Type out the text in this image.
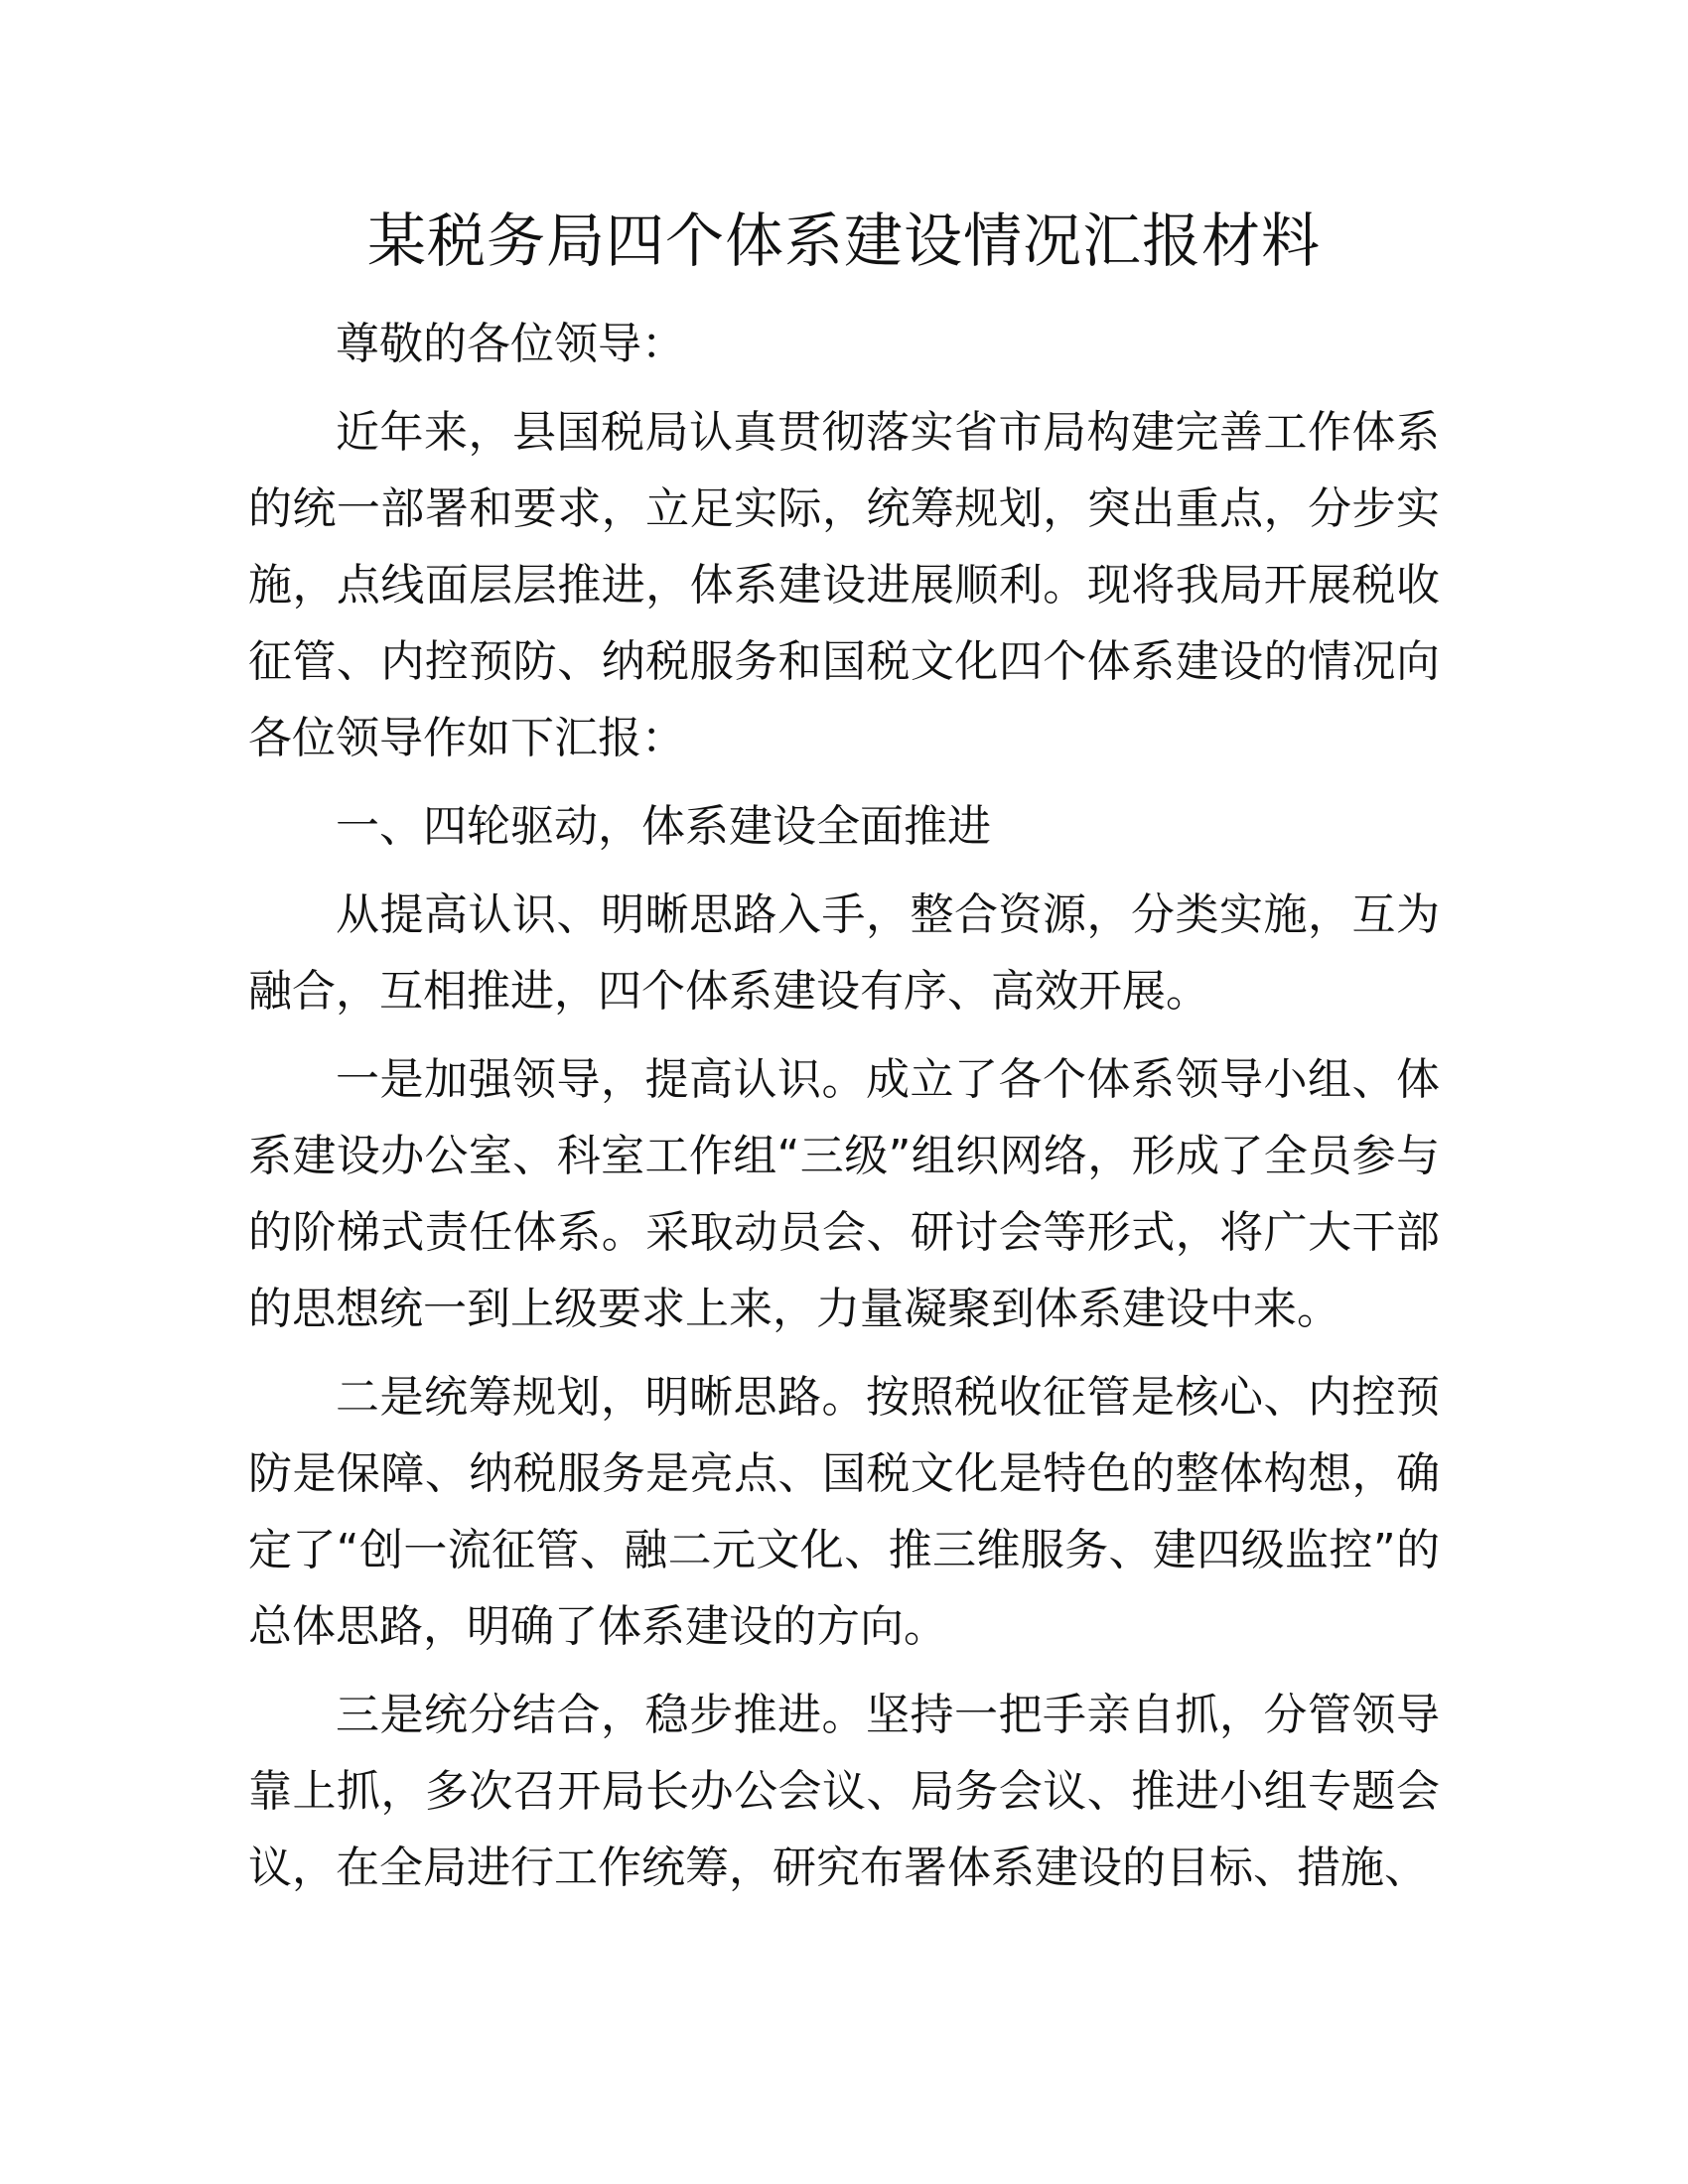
某税务局四个体系建设情况汇报材料

尊敬的各位领导：

近年来，县国税局认真贯彻落实省市局构建完善工作体系的统一部署和要求，立足实际，统筹规划，突出重点，分步实施，点线面层层推进，体系建设进展顺利。现将我局开展税收征管、内控预防、纳税服务和国税文化四个体系建设的情况向各位领导作如下汇报：

一、四轮驱动，体系建设全面推进

从提高认识、明晰思路入手，整合资源，分类实施，互为融合，互相推进，四个体系建设有序、高效开展。

一是加强领导，提高认识。成立了各个体系领导小组、体系建设办公室、科室工作组“三级”组织网络，形成了全员参与的阶梯式责任体系。采取动员会、研讨会等形式，将广大干部的思想统一到上级要求上来，力量凝聚到体系建设中来。

二是统筹规划，明晰思路。按照税收征管是核心、内控预防是保障、纳税服务是亮点、国税文化是特色的整体构想，确定了“创一流征管、融二元文化、推三维服务、建四级监控”的总体思路，明确了体系建设的方向。

三是统分结合，稳步推进。坚持一把手亲自抓，分管领导靠上抓，多次召开局长办公会议、局务会议、推进小组专题会议，在全局进行工作统筹，研究布署体系建设的目标、措施、
